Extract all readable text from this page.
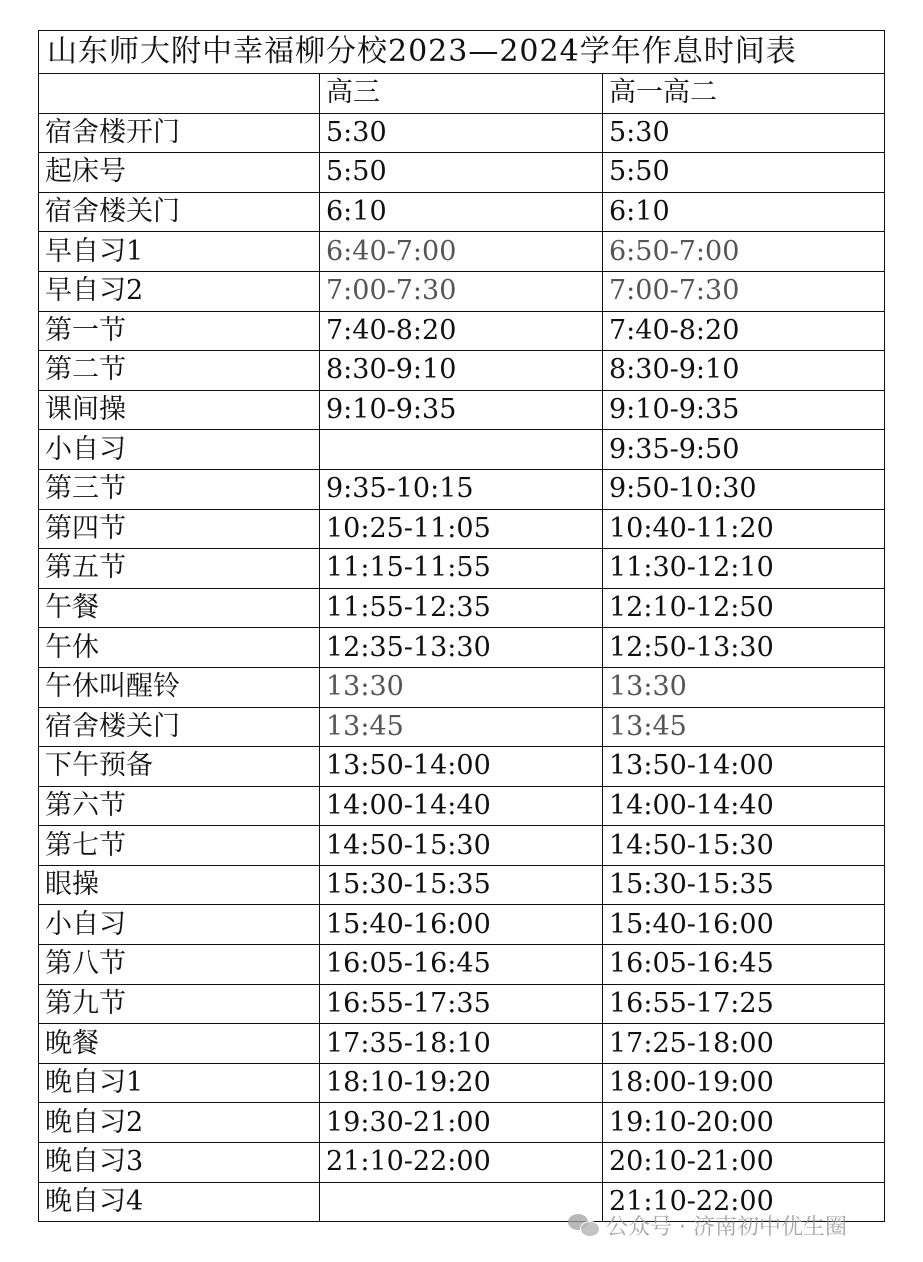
山东师大附中幸福柳分校2023—2024学年作息时间表		
	高三	高一高二
宿舍楼开门	5:30	5:30
起床号	5:50	5:50
宿舍楼关门	6:10	6:10
早自习1	6:40-7:00	6:50-7:00
早自习2	7:00-7:30	7:00-7:30
第一节	7:40-8:20	7:40-8:20
第二节	8:30-9:10	8:30-9:10
课间操	9:10-9:35	9:10-9:35
小自习		9:35-9:50
第三节	9:35-10:15	9:50-10:30
第四节	10:25-11:05	10:40-11:20
第五节	11:15-11:55	11:30-12:10
午餐	11:55-12:35	12:10-12:50
午休	12:35-13:30	12:50-13:30
午休叫醒铃	13:30	13:30
宿舍楼关门	13:45	13:45
下午预备	13:50-14:00	13:50-14:00
第六节	14:00-14:40	14:00-14:40
第七节	14:50-15:30	14:50-15:30
眼操	15:30-15:35	15:30-15:35
小自习	15:40-16:00	15:40-16:00
第八节	16:05-16:45	16:05-16:45
第九节	16:55-17:35	16:55-17:25
晚餐	17:35-18:10	17:25-18:00
晚自习1	18:10-19:20	18:00-19:00
晚自习2	19:30-21:00	19:10-20:00
晚自习3	21:10-22:00	20:10-21:00
晚自习4		21:10-22:00
公众号 · 济南初中优生圈
